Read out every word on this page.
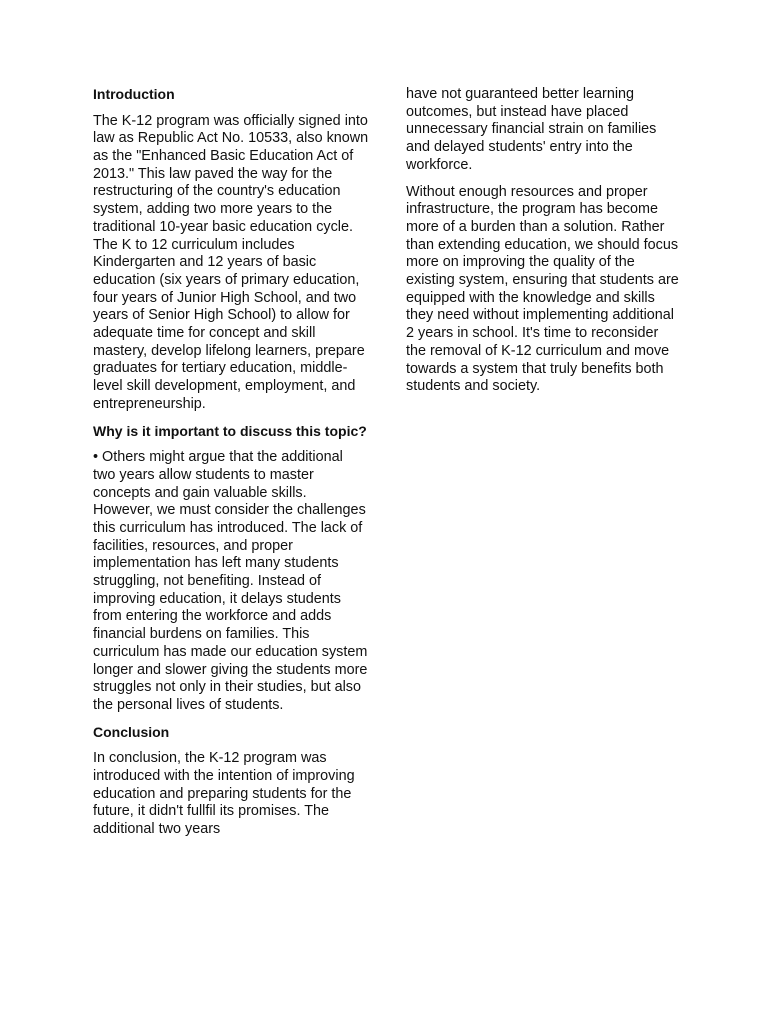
Introduction

The K-12 program was officially signed into law as Republic Act No. 10533, also known as the "Enhanced Basic Education Act of 2013." This law paved the way for the restructuring of the country's education system, adding two more years to the traditional 10-year basic education cycle. The K to 12 curriculum includes Kindergarten and 12 years of basic education (six years of primary education, four years of Junior High School, and two years of Senior High School) to allow for adequate time for concept and skill mastery, develop lifelong learners, prepare graduates for tertiary education, middle-level skill development, employment, and entrepreneurship.

Why is it important to discuss this topic?

• Others might argue that the additional two years allow students to master concepts and gain valuable skills. However, we must consider the challenges this curriculum has introduced. The lack of facilities, resources, and proper implementation has left many students struggling, not benefiting. Instead of improving education, it delays students from entering the workforce and adds financial burdens on families. This curriculum has made our education system longer and slower giving the students more struggles not only in their studies, but also the personal lives of students.

Conclusion

In conclusion, the K-12 program was introduced with the intention of improving education and preparing students for the future, it didn't fullfil its promises. The additional two years

have not guaranteed better learning outcomes, but instead have placed unnecessary financial strain on families and delayed students' entry into the workforce.

Without enough resources and proper infrastructure, the program has become more of a burden than a solution. Rather than extending education, we should focus more on improving the quality of the existing system, ensuring that students are equipped with the knowledge and skills they need without implementing additional 2 years in school. It's time to reconsider the removal of K-12 curriculum and move towards a system that truly benefits both students and society.
